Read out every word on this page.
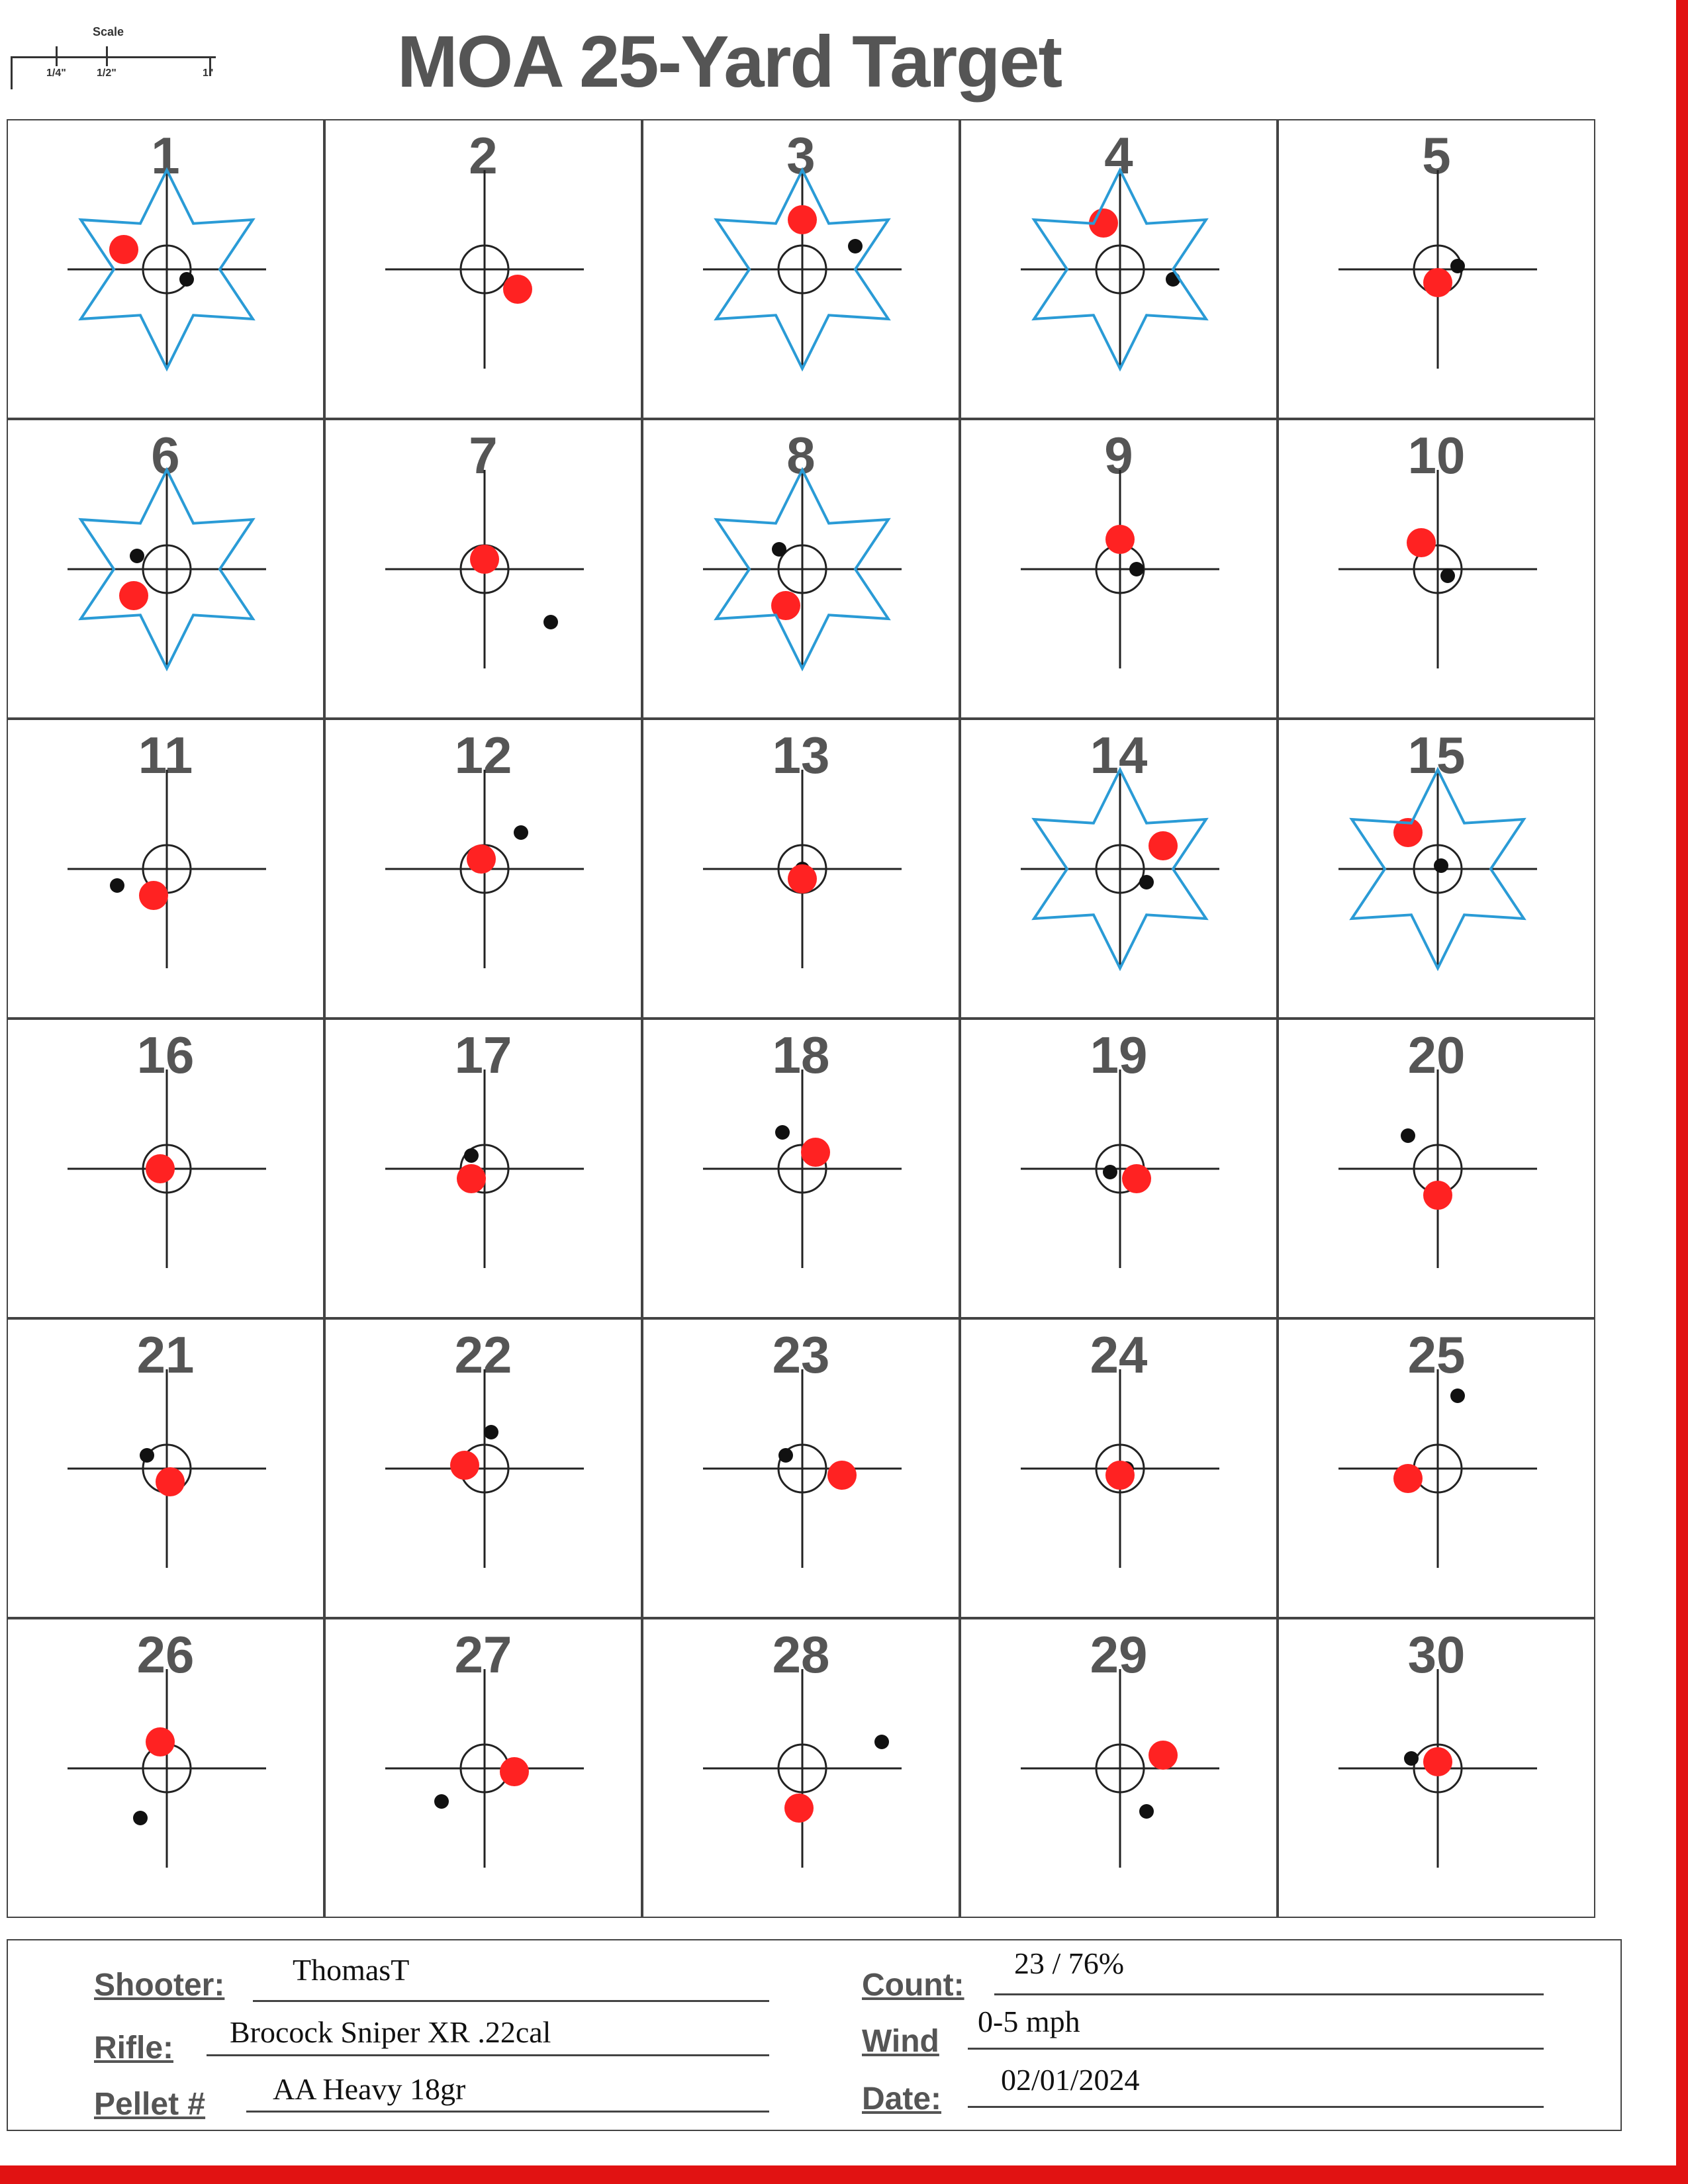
Scale
1/4"	1/2"	1"	MOA 25-Yard Target
1	2	3	4	5
6	7	8	9	10
11	12	13	14	15
16	17	18	19	20
21	22	23	24	25
26	27	28	29	30
Shooter: ThomasT
Rifle: Brocock Sniper XR .22cal
Pellet # AA Heavy 18gr
Count:
23 / 76%
Wind
0-5 mph
Date:
02/01/2024
